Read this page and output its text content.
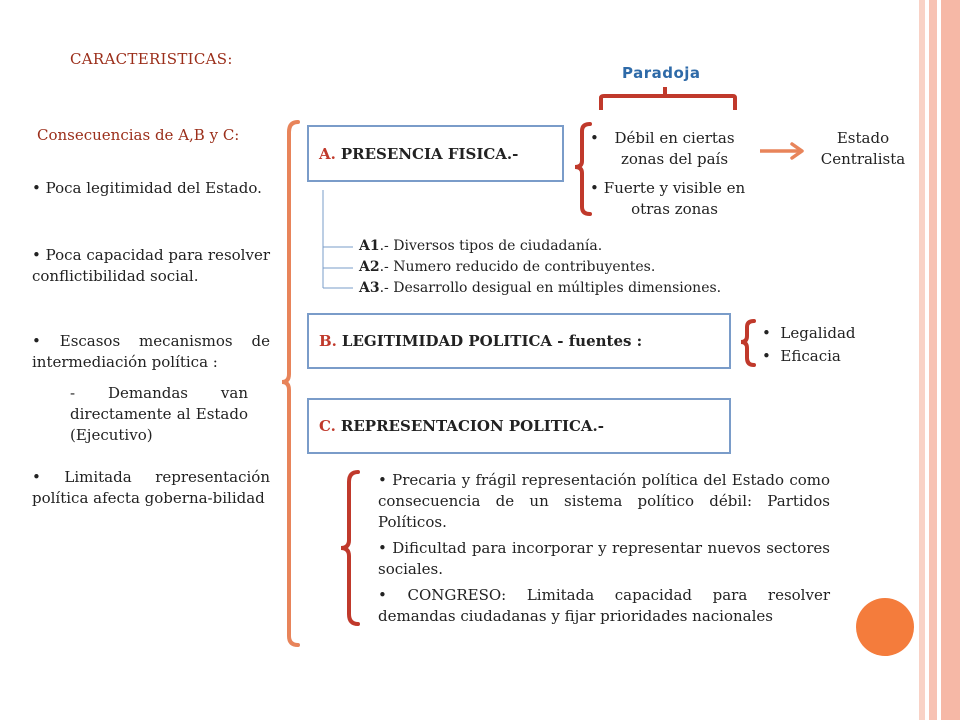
CARACTERISTICAS:
Paradoja
Consecuencias de A,B y C:
• Poca legitimidad del Estado.
• Poca capacidad para resolver conflictibilidad social.
• Escasos mecanismos de intermediación política :
- Demandas van directamente al Estado (Ejecutivo)
• Limitada representación política afecta goberna-bilidad
A. PRESENCIA FISICA.-
•	Débil en ciertas zonas del país
• Fuerte y visible en otras zonas
Estado Centralista
A1.- Diversos tipos de ciudadanía.
A2.- Numero reducido de contribuyentes.
A3.- Desarrollo desigual en múltiples dimensiones.
B. LEGITIMIDAD POLITICA - fuentes :	• Legalidad
• Eficacia
C. REPRESENTACION POLITICA.-
• Precaria y frágil representación política del Estado como consecuencia de un sistema político débil: Partidos Políticos.
• Dificultad para incorporar y representar nuevos sectores sociales.
• CONGRESO: Limitada capacidad para resolver demandas ciudadanas y fijar prioridades nacionales
